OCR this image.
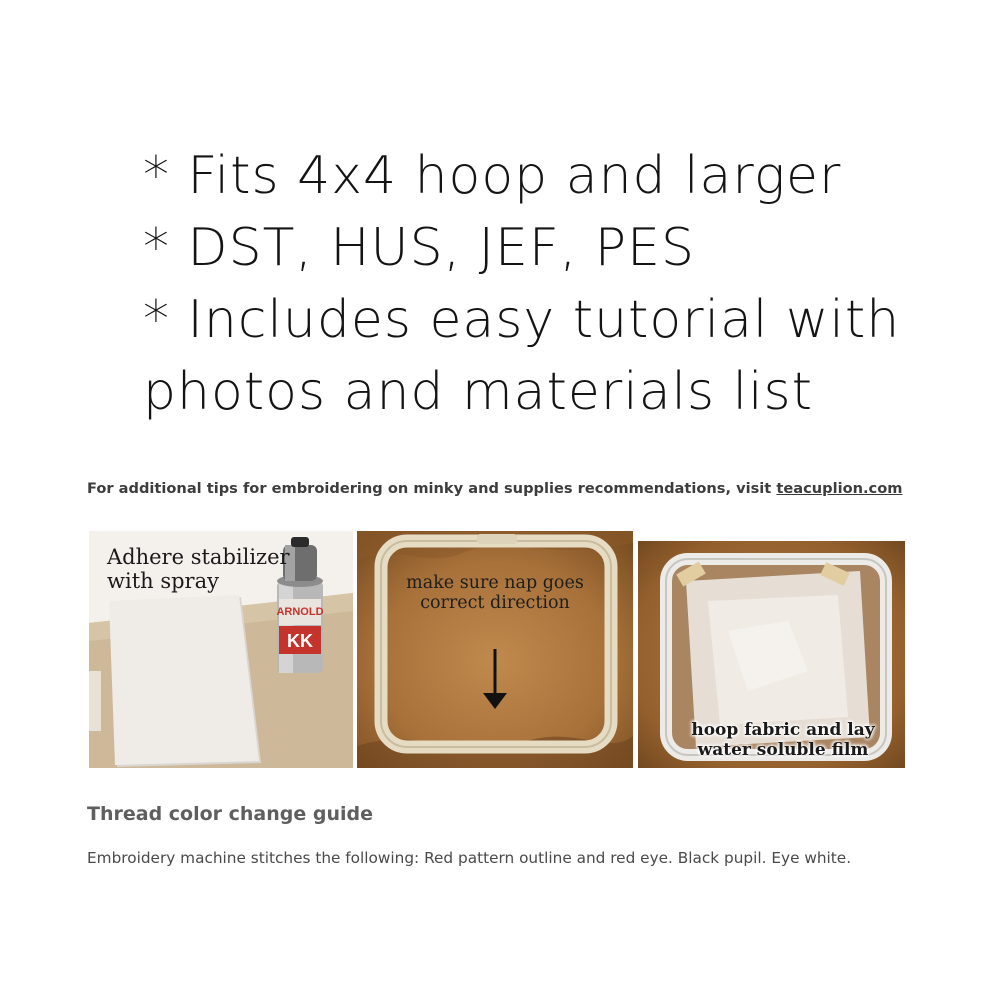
* Fits 4x4 hoop and larger
* DST, HUS, JEF, PES
* Includes easy tutorial with
photos and materials list
For additional tips for embroidering on minky and supplies recommendations, visit teacuplion.com
ARNOLD
KK
Adhere stabilizer
with spray	make sure nap goes
correct direction
hoop fabric and lay
water soluble film
Thread color change guide
Embroidery machine stitches the following: Red pattern outline and red eye. Black pupil. Eye white.
